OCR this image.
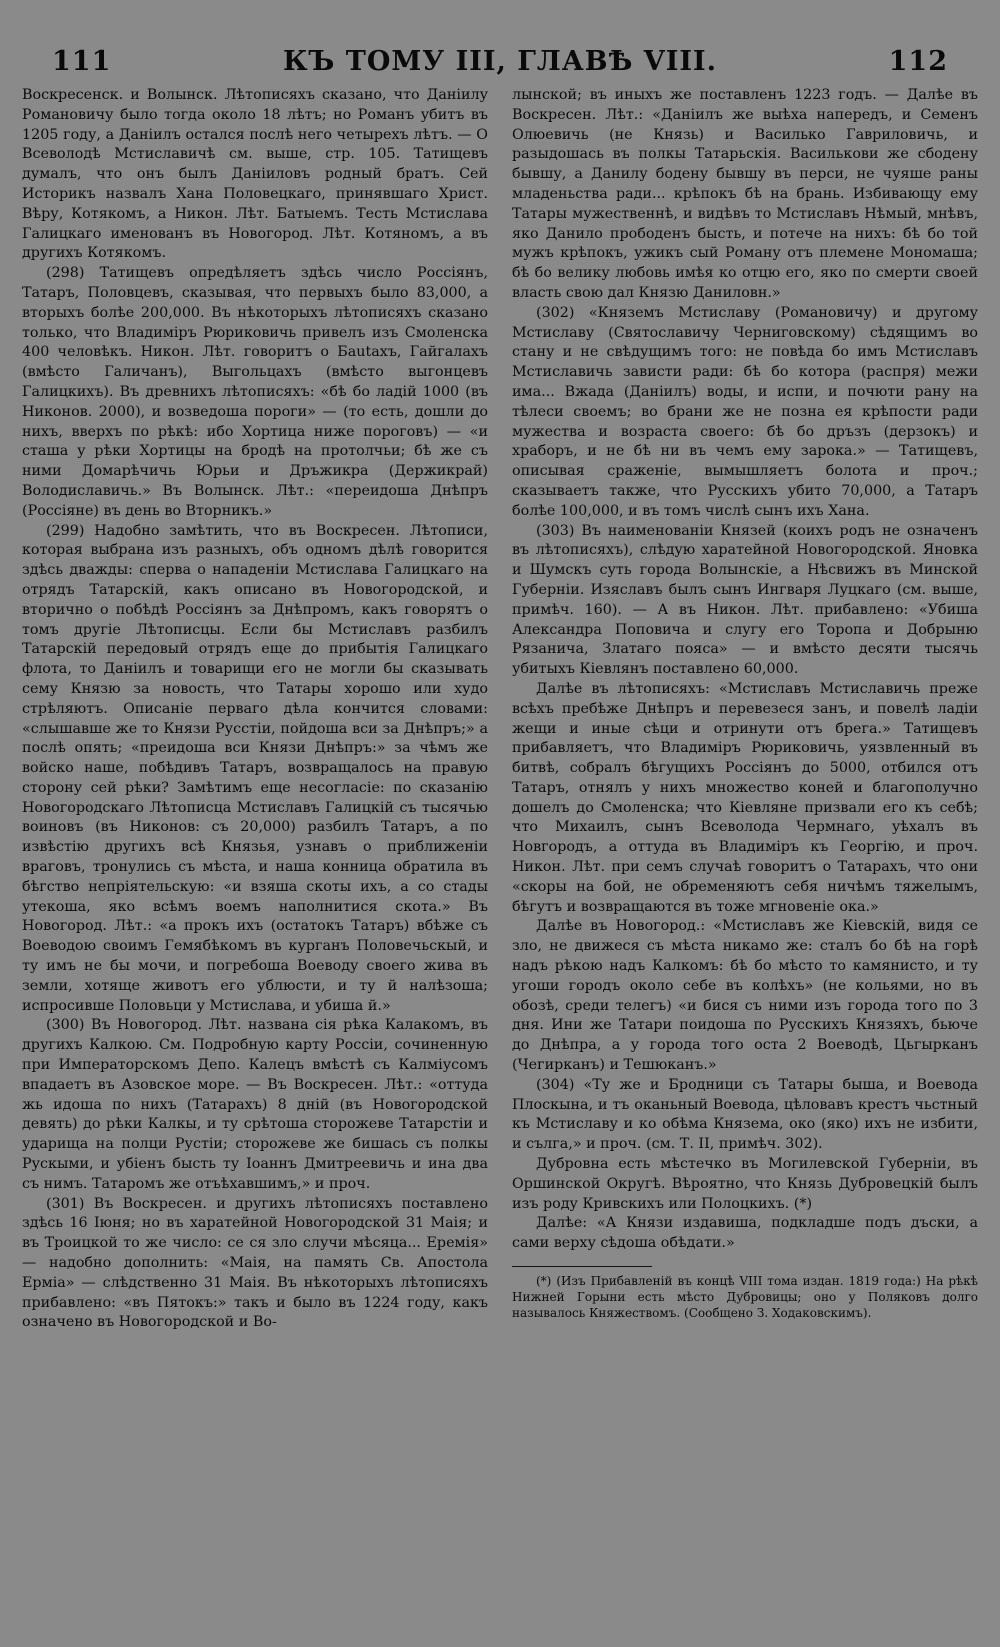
111	КЪ ТОМУ III, ГЛАВѢ VIII.	112

Воскресенск. и Волынск. Лѣтописяхъ сказано, что Даніилу Романовичу было тогда около 18 лѣтъ; но Романъ убитъ въ 1205 году, а Даніилъ остался послѣ него четырехъ лѣтъ. — О Всеволодѣ Мстиславичѣ см. выше, стр. 105. Татищевъ думалъ, что онъ былъ Даніиловъ родный братъ. Сей Историкъ назвалъ Хана Половецкаго, принявшаго Христ. Вѣру, Котякомъ, а Никон. Лѣт. Батыемъ. Тесть Мстислава Галицкаго именованъ въ Новогород. Лѣт. Котяномъ, а въ другихъ Котякомъ.

(298) Татищевъ опредѣляетъ здѣсь число Россіянъ, Татаръ, Половцевъ, сказывая, что первыхъ было 83,000, а вторыхъ болѣе 200,000. Въ нѣкоторыхъ лѣтописяхъ сказано только, что Владиміръ Рюриковичь привелъ изъ Смоленска 400 человѣкъ. Никон. Лѣт. говоритъ о Бautaхъ, Гайгалахъ (вмѣсто Галичанъ), Выгольцахъ (вмѣсто выгонцевъ Галицкихъ). Въ древнихъ лѣтописяхъ: «бѣ бо ладій 1000 (въ Никонов. 2000), и возведоша пороги» — (то есть, дошли до нихъ, вверхъ по рѣкѣ: ибо Хортица ниже пороговъ) — «и сташа у рѣки Хортицы на бродѣ на протолчьи; бѣ же съ ними Домарѣчичь Юрьи и Дръжикра (Держикрай) Володиславичь.» Въ Волынск. Лѣт.: «переидоша Днѣпръ (Россіяне) въ день во Вторникъ.»

(299) Надобно замѣтить, что въ Воскресен. Лѣтописи, которая выбрана изъ разныхъ, объ одномъ дѣлѣ говорится здѣсь дважды: сперва о нападеніи Мстислава Галицкаго на отрядъ Татарскій, какъ описано въ Новогородской, и вторично о побѣдѣ Россіянъ за Днѣпромъ, какъ говорятъ о томъ другіе Лѣтописцы. Если бы Мстиславъ разбилъ Татарскій передовый отрядъ еще до прибытія Галицкаго флота, то Даніилъ и товарищи его не могли бы сказывать сему Князю за новость, что Татары хорошо или худо стрѣляютъ. Описаніе перваго дѣла кончится словами: «слышавше же то Князи Руcстіи, пойдоша вси за Днѣпръ;» а послѣ опять; «преидоша вси Князи Днѣпръ:» за чѣмъ же войско наше, побѣдивъ Татаръ, возвращалось на правую сторону сей рѣки? Замѣтимъ еще несогласіе: по сказанію Новогородскаго Лѣтописца Мстиславъ Галицкій съ тысячью воиновъ (въ Никонов: съ 20,000) разбилъ Татаръ, а по извѣстію другихъ всѣ Князья, узнавъ о приближеніи враговъ, тронулись съ мѣста, и наша конница обратила въ бѣгство непріятельскую: «и взяша скоты ихъ, а со стады утекоша, яко всѣмъ воемъ наполнитися скота.» Въ Новогород. Лѣт.: «а прокъ ихъ (остатокъ Татаръ) вбѣже съ Воеводою своимъ Гемябѣкомъ въ курганъ Половечьскый, и ту имъ не бы мочи, и погребоша Воеводу своего жива въ земли, хотяще животъ его ублюсти, и ту й налѣзоша; испросивше Половьци у Мстислава, и убиша й.»

(300) Въ Новогород. Лѣт. названа сія рѣка Калакомъ, въ другихъ Калкою. См. Подробную карту Россіи, сочиненную при Императорскомъ Депо. Калецъ вмѣстѣ съ Калміусомъ впадаетъ въ Азовское море. — Въ Воскресен. Лѣт.: «оттуда жь идоша по нихъ (Татарахъ) 8 дній (въ Новогородской девять) до рѣки Калкы, и ту срѣтоша сторожеве Татарстіи и ударища на полци Рустіи; сторожеве же бишась съ полкы Рускыми, и убіенъ бысть ту Іоаннъ Дмитреевичь и ина два съ нимъ. Татаромъ же отъѣхавшимъ,» и проч.

(301) Въ Воскресен. и другихъ лѣтописяхъ поставлено здѣсь 16 Іюня; но въ харатейной Новогородской 31 Маія; и въ Троицкой то же число: се ся зло случи мѣсяца... Еремія» — надобно дополнить: «Маія, на память Св. Апостола Ерміа» — слѣдственно 31 Маія. Въ нѣкоторыхъ лѣтописяхъ прибавлено: «въ Пятокъ:» такъ и было въ 1224 году, какъ означено въ Новогородской и Во-

лынской; въ иныхъ же поставленъ 1223 годъ. — Далѣе въ Воскресен. Лѣт.: «Даніилъ же выѣха напередъ, и Семенъ Олюевичь (не Князь) и Василько Гавриловичь, и разыдошась въ полкы Татарьскія. Василькови же сбодену бывшу, а Данилу бодену бывшу въ перси, не чуяше раны младеньства ради... крѣпокъ бѣ на брань. Избивающу ему Татары мужественнѣ, и видѣвъ то Мстиславъ Нѣмый, мнѣвъ, яко Данило прободенъ бысть, и потече на нихъ: бѣ бо той мужъ крѣпокъ, ужикъ сый Роману отъ племене Мономаша; бѣ бо велику любовь имѣя ко отцю его, яко по смерти своей власть свою дал Князю Даниловн.»

(302) «Княземъ Мстиславу (Романовичу) и другому Мстиславу (Святославичу Черниговскому) сѣдящимъ во стану и не свѣдущимъ того: не повѣда бо имъ Мстиславъ Мстиславичь зависти ради: бѣ бо котора (распря) межи има... Вжада (Даніилъ) воды, и испи, и почюти рану на тѣлеси своемъ; во брани же не позна ея крѣпости ради мужества и возраста своего: бѣ бо дръзъ (дерзокъ) и храборъ, и не бѣ ни въ чемъ ему зарока.» — Татищевъ, описывая сраженіе, вымышляетъ болота и проч.; сказываетъ также, что Русскихъ убито 70,000, а Татаръ болѣе 100,000, и въ томъ числѣ сынъ ихъ Хана.

(303) Въ наименованіи Князей (коихъ родъ не означенъ въ лѣтописяхъ), слѣдую харатейной Новогородской. Яновка и Шумскъ суть города Волынскіе, а Нѣсвижъ въ Минской Губерніи. Изяславъ былъ сынъ Ингваря Луцкаго (см. выше, примѣч. 160). — А въ Никон. Лѣт. прибавлено: «Убиша Александра Поповича и слугу его Торопа и Добрыню Рязанича, Златаго пояса» — и вмѣсто десяти тысячь убитыхъ Кіевлянъ поставлено 60,000.

Далѣе въ лѣтописяхъ: «Мстиславъ Мстиславичь преже всѣхъ пребѣже Днѣпръ и перевезеся занъ, и повелѣ ладіи жещи и иные сѣци и отринути отъ брега.» Татищевъ прибавляетъ, что Владиміръ Рюриковичь, уязвленный въ битвѣ, собралъ бѣгущихъ Россіянъ до 5000, отбился отъ Татаръ, отнялъ у нихъ множество коней и благополучно дошелъ до Смоленска; что Кіевляне призвали его къ себѣ; что Михаилъ, сынъ Всеволода Чермнаго, уѣхалъ въ Новгородъ, а оттуда въ Владиміръ къ Георгію, и проч. Никон. Лѣт. при семъ случаѣ говоритъ о Татарахъ, что они «скоры на бой, не обременяютъ себя ничѣмъ тяжелымъ, бѣгутъ и возвращаются въ тоже мгновеніе ока.»

Далѣе въ Новогород.: «Мстиславъ же Кіевскій, видя се зло, не движеся съ мѣста никамо же: сталъ бо бѣ на горѣ надъ рѣкою надъ Калкомъ: бѣ бо мѣсто то камянисто, и ту угоши городъ около себе въ колѣхъ» (не кольями, но въ обозѣ, среди телегъ) «и бися съ ними изъ города того по 3 дня. Ини же Татари поидоша по Русскихъ Князяхъ, бьюче до Днѣпра, а у города того оста 2 Воеводѣ, Цьгырканъ (Чегирканъ) и Тешюканъ.»

(304) «Ту же и Бродници съ Татары быша, и Воевода Плоскына, и тъ оканьный Воевода, цѣловавъ крестъ чьстный къ Мстиславу и ко обѣма Князема, око (яко) ихъ не избити, и сълга,» и проч. (см. Т. II, примѣч. 302).

Дубровна есть мѣстечко въ Могилевской Губерніи, въ Оршинской Округѣ. Вѣроятно, что Князь Дубровецкій былъ изъ роду Кривскихъ или Полоцкихъ. (*)

Далѣе: «А Князи издавиша, подкладше подъ дъски, а сами верху сѣдоша обѣдати.»

(*) (Изъ Прибавленій въ концѣ VIII тома издан. 1819 года:) На рѣкѣ Нижней Горыни есть мѣсто Дубровицы; оно у Поляковъ долго называлось Княжествомъ. (Сообщено З. Ходаковскимъ).
